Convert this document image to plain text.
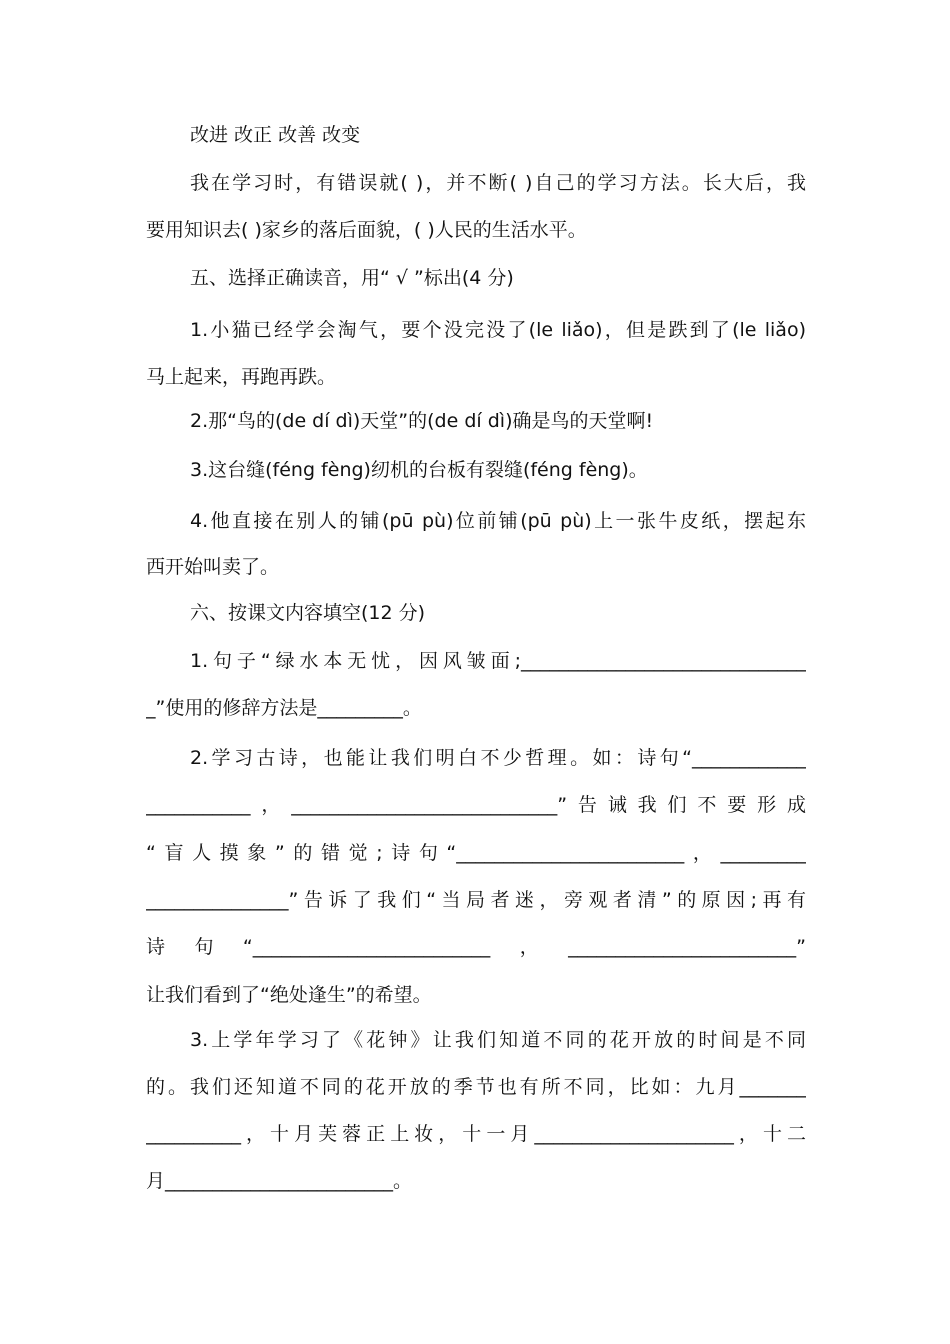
改进 改正 改善 改变
我在学习时，有错误就( )，并不断( )自己的学习方法。长大后，我
要用知识去( )家乡的落后面貌，( )人民的生活水平。
五、选择正确读音，用“ √ ”标出(4 分)
1.小猫已经学会淘气，要个没完没了(le liǎo)，但是跌到了(le liǎo)
马上起来，再跑再跌。
2.那“鸟的(de dí dì)天堂”的(de dí dì)确是鸟的天堂啊!
3.这台缝(féng fèng)纫机的台板有裂缝(féng fèng)。
4.他直接在别人的铺(pū pù)位前铺(pū pù)上一张牛皮纸，摆起东
西开始叫卖了。
六、按课文内容填空(12 分)
1.句子“绿水本无忧，因风皱面;______________________________
_”使用的修辞方法是_________。
2.学习古诗，也能让我们明白不少哲理。如：诗句“____________
___________，____________________________”告诫我们不要形成
“盲人摸象”的错觉;诗句“________________________，_________
_______________”告诉了我们“当局者迷，旁观者清”的原因;再有
诗句“_________________________，________________________”
让我们看到了“绝处逢生”的希望。
3.上学年学习了《花钟》让我们知道不同的花开放的时间是不同
的。我们还知道不同的花开放的季节也有所不同，比如：九月_______
__________，十月芙蓉正上妆，十一月_____________________，十二
月________________________。
